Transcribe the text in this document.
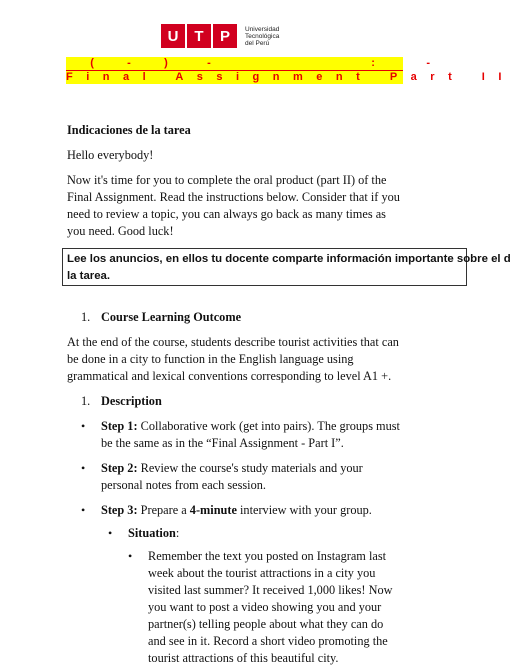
U	T	P	Universidad
Tecnológica
del Perú
(     -     )      -                          :        -
Final Assignment Part II
Indicaciones de la tarea

Hello everybody!

Now it's time for you to complete the oral product (part II) of the Final Assignment. Read the instructions below. Consider that if you need to review a topic, you can always go back as many times as you need. Good luck!

Lee los anuncios, en ellos tu docente comparte información importante sobre el d
la tarea.
1. Course Learning Outcome

At the end of the course, students describe tourist activities that can be done in a city to function in the English language using grammatical and lexical conventions corresponding to level A1 +.

1. Description
•	Step 1: Collaborative work (get into pairs). The groups must be the same as in the “Final Assignment - Part I”.
•	Step 2: Review the course's study materials and your personal notes from each session.
•	Step 3: Prepare a 4-minute interview with your group.
•	Situation:
•	Remember the text you posted on Instagram last week about the tourist attractions in a city you visited last summer? It received 1,000 likes! Now you want to post a video showing you and your partner(s) telling people about what they can do and see in it. Record a short video promoting the tourist attractions of this beautiful city.
